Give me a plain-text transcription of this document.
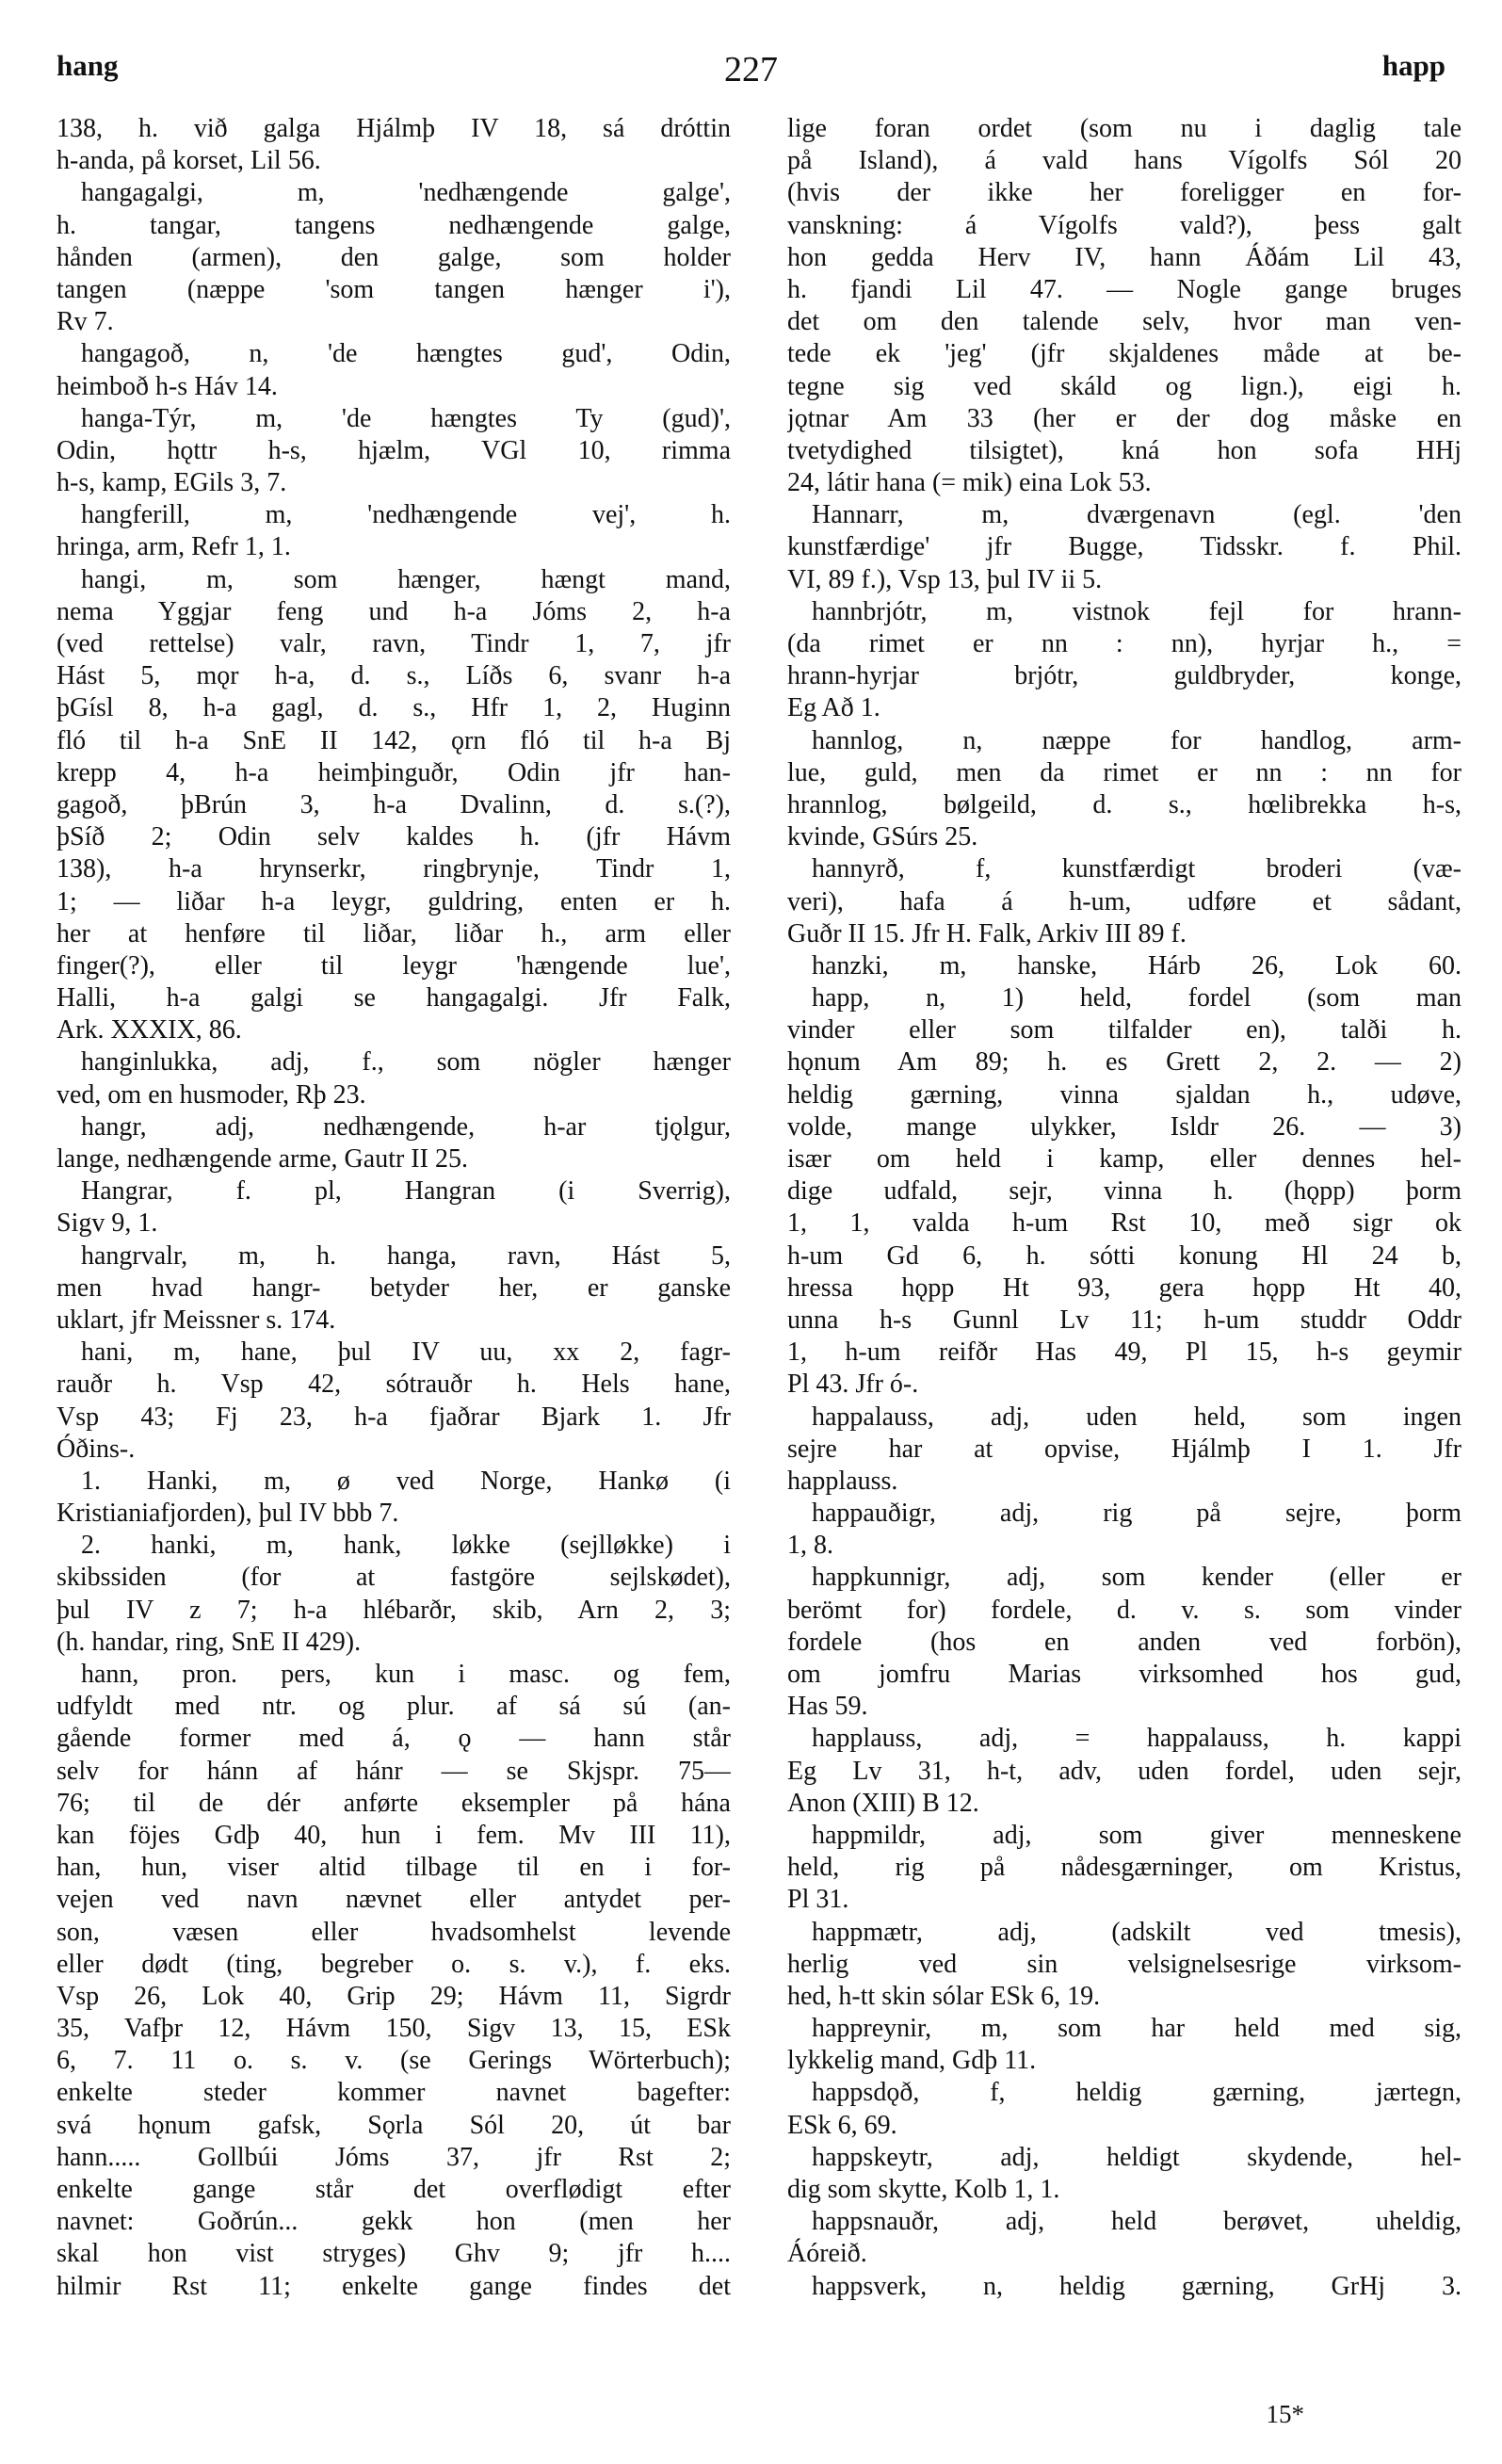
hang	227	happ
138, h. við galga Hjálmþ IV 18, sá dróttin
h-anda, på korset, Lil 56.
hangagalgi, m, 'nedhængende galge',
h. tangar, tangens nedhængende galge,
hånden (armen), den galge, som holder
tangen (næppe 'som tangen hænger i'),
Rv 7.
hangagoð, n, 'de hængtes gud', Odin,
heimboð h-s Háv 14.
hanga-Týr, m, 'de hængtes Ty (gud)',
Odin, hǫttr h-s, hjælm, VGl 10, rimma
h-s, kamp, EGils 3, 7.
hangferill, m, 'nedhængende vej', h.
hringa, arm, Refr 1, 1.
hangi, m, som hænger, hængt mand,
nema Yggjar feng und h-a Jóms 2, h-a
(ved rettelse) valr, ravn, Tindr 1, 7, jfr
Hást 5, mǫr h-a, d. s., Líðs 6, svanr h-a
þGísl 8, h-a gagl, d. s., Hfr 1, 2, Huginn
fló til h-a SnE II 142, ǫrn fló til h-a Bj
krepp 4, h-a heimþinguðr, Odin jfr han-
gagoð, þBrún 3, h-a Dvalinn, d. s.(?),
þSíð 2; Odin selv kaldes h. (jfr Hávm
138), h-a hrynserkr, ringbrynje, Tindr 1,
1; — liðar h-a leygr, guldring, enten er h.
her at henføre til liðar, liðar h., arm eller
finger(?), eller til leygr 'hængende lue',
Halli, h-a galgi se hangagalgi. Jfr Falk,
Ark. XXXIX, 86.
hanginlukka, adj, f., som nögler hænger
ved, om en husmoder, Rþ 23.
hangr, adj, nedhængende, h-ar tjǫlgur,
lange, nedhængende arme, Gautr II 25.
Hangrar, f. pl, Hangran (i Sverrig),
Sigv 9, 1.
hangrvalr, m, h. hanga, ravn, Hást 5,
men hvad hangr- betyder her, er ganske
uklart, jfr Meissner s. 174.
hani, m, hane, þul IV uu, xx 2, fagr-
rauðr h. Vsp 42, sótrauðr h. Hels hane,
Vsp 43; Fj 23, h-a fjaðrar Bjark 1. Jfr
Óðins-.
1. Hanki, m, ø ved Norge, Hankø (i
Kristianiafjorden), þul IV bbb 7.
2. hanki, m, hank, løkke (sejlløkke) i
skibssiden (for at fastgöre sejlskødet),
þul IV z 7; h-a hlébarðr, skib, Arn 2, 3;
(h. handar, ring, SnE II 429).
hann, pron. pers, kun i masc. og fem,
udfyldt med ntr. og plur. af sá sú (an-
gående former med á, ǫ — hann står
selv for hánn af hánr — se Skjspr. 75—
76; til de dér anførte eksempler på hána
kan föjes Gdþ 40, hun i fem. Mv III 11),
han, hun, viser altid tilbage til en i for-
vejen ved navn nævnet eller antydet per-
son, væsen eller hvadsomhelst levende
eller dødt (ting, begreber o. s. v.), f. eks.
Vsp 26, Lok 40, Grip 29; Hávm 11, Sigrdr
35, Vafþr 12, Hávm 150, Sigv 13, 15, ESk
6, 7. 11 o. s. v. (se Gerings Wörterbuch);
enkelte steder kommer navnet bagefter:
svá hǫnum gafsk, Sǫrla Sól 20, út bar
hann..... Gollbúi Jóms 37, jfr Rst 2;
enkelte gange står det overflødigt efter
navnet: Goðrún... gekk hon (men her
skal hon vist stryges) Ghv 9; jfr h....
hilmir Rst 11; enkelte gange findes det
lige foran ordet (som nu i daglig tale
på Island), á vald hans Vígolfs Sól 20
(hvis der ikke her foreligger en for-
vanskning: á Vígolfs vald?), þess galt
hon gedda Herv IV, hann Áðám Lil 43,
h. fjandi Lil 47. — Nogle gange bruges
det om den talende selv, hvor man ven-
tede ek 'jeg' (jfr skjaldenes måde at be-
tegne sig ved skáld og lign.), eigi h.
jǫtnar Am 33 (her er der dog måske en
tvetydighed tilsigtet), kná hon sofa HHj
24, látir hana (= mik) eina Lok 53.
Hannarr, m, dværgenavn (egl. 'den
kunstfærdige' jfr Bugge, Tidsskr. f. Phil.
VI, 89 f.), Vsp 13, þul IV ii 5.
hannbrjótr, m, vistnok fejl for hrann-
(da rimet er nn : nn), hyrjar h., =
hrann-hyrjar brjótr, guldbryder, konge,
Eg Að 1.
hannlog, n, næppe for handlog, arm-
lue, guld, men da rimet er nn : nn for
hrannlog, bølgeild, d. s., hœlibrekka h-s,
kvinde, GSúrs 25.
hannyrð, f, kunstfærdigt broderi (væ-
veri), hafa á h-um, udføre et sådant,
Guðr II 15. Jfr H. Falk, Arkiv III 89 f.
hanzki, m, hanske, Hárb 26, Lok 60.
happ, n, 1) held, fordel (som man
vinder eller som tilfalder en), talði h.
hǫnum Am 89; h. es Grett 2, 2. — 2)
heldig gærning, vinna sjaldan h., udøve,
volde, mange ulykker, Isldr 26. — 3)
især om held i kamp, eller dennes hel-
dige udfald, sejr, vinna h. (hǫpp) þorm
1, 1, valda h-um Rst 10, með sigr ok
h-um Gd 6, h. sótti konung Hl 24 b,
hressa hǫpp Ht 93, gera hǫpp Ht 40,
unna h-s Gunnl Lv 11; h-um studdr Oddr
1, h-um reifðr Has 49, Pl 15, h-s geymir
Pl 43. Jfr ó-.
happalauss, adj, uden held, som ingen
sejre har at opvise, Hjálmþ I 1. Jfr
happlauss.
happauðigr, adj, rig på sejre, þorm
1, 8.
happkunnigr, adj, som kender (eller er
berömt for) fordele, d. v. s. som vinder
fordele (hos en anden ved forbön),
om jomfru Marias virksomhed hos gud,
Has 59.
happlauss, adj, = happalauss, h. kappi
Eg Lv 31, h-t, adv, uden fordel, uden sejr,
Anon (XIII) B 12.
happmildr, adj, som giver menneskene
held, rig på nådesgærninger, om Kristus,
Pl 31.
happmætr, adj, (adskilt ved tmesis),
herlig ved sin velsignelsesrige virksom-
hed, h-tt skin sólar ESk 6, 19.
happreynir, m, som har held med sig,
lykkelig mand, Gdþ 11.
happsdǫð, f, heldig gærning, jærtegn,
ESk 6, 69.
happskeytr, adj, heldigt skydende, hel-
dig som skytte, Kolb 1, 1.
happsnauðr, adj, held berøvet, uheldig,
Áóreið.
happsverk, n, heldig gærning, GrHj 3.
15*
